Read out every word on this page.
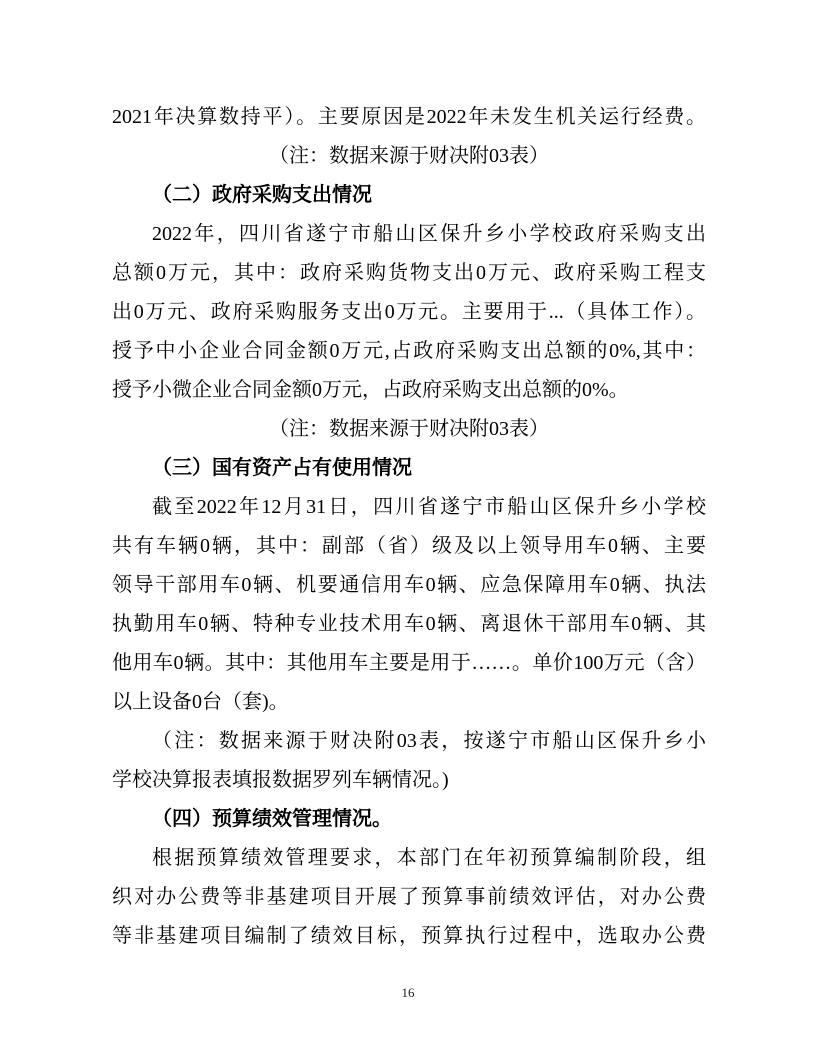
2021年决算数持平）。主要原因是2022年未发生机关运行经费。
（注：数据来源于财决附03表）
（二）政府采购支出情况
2022年，四川省遂宁市船山区保升乡小学校政府采购支出
总额0万元，其中：政府采购货物支出0万元、政府采购工程支
出0万元、政府采购服务支出0万元。主要用于...（具体工作）。
授予中小企业合同金额0万元,占政府采购支出总额的0%,其中：
授予小微企业合同金额0万元，占政府采购支出总额的0%。
（注：数据来源于财决附03表）
（三）国有资产占有使用情况
截至2022年12月31日，四川省遂宁市船山区保升乡小学校
共有车辆0辆，其中：副部（省）级及以上领导用车0辆、主要
领导干部用车0辆、机要通信用车0辆、应急保障用车0辆、执法
执勤用车0辆、特种专业技术用车0辆、离退休干部用车0辆、其
他用车0辆。其中：其他用车主要是用于……。单价100万元（含）
以上设备0台（套)。
（注：数据来源于财决附03表，按遂宁市船山区保升乡小
学校决算报表填报数据罗列车辆情况。)
（四）预算绩效管理情况。
根据预算绩效管理要求，本部门在年初预算编制阶段，组
织对办公费等非基建项目开展了预算事前绩效评估，对办公费
等非基建项目编制了绩效目标，预算执行过程中，选取办公费
16
